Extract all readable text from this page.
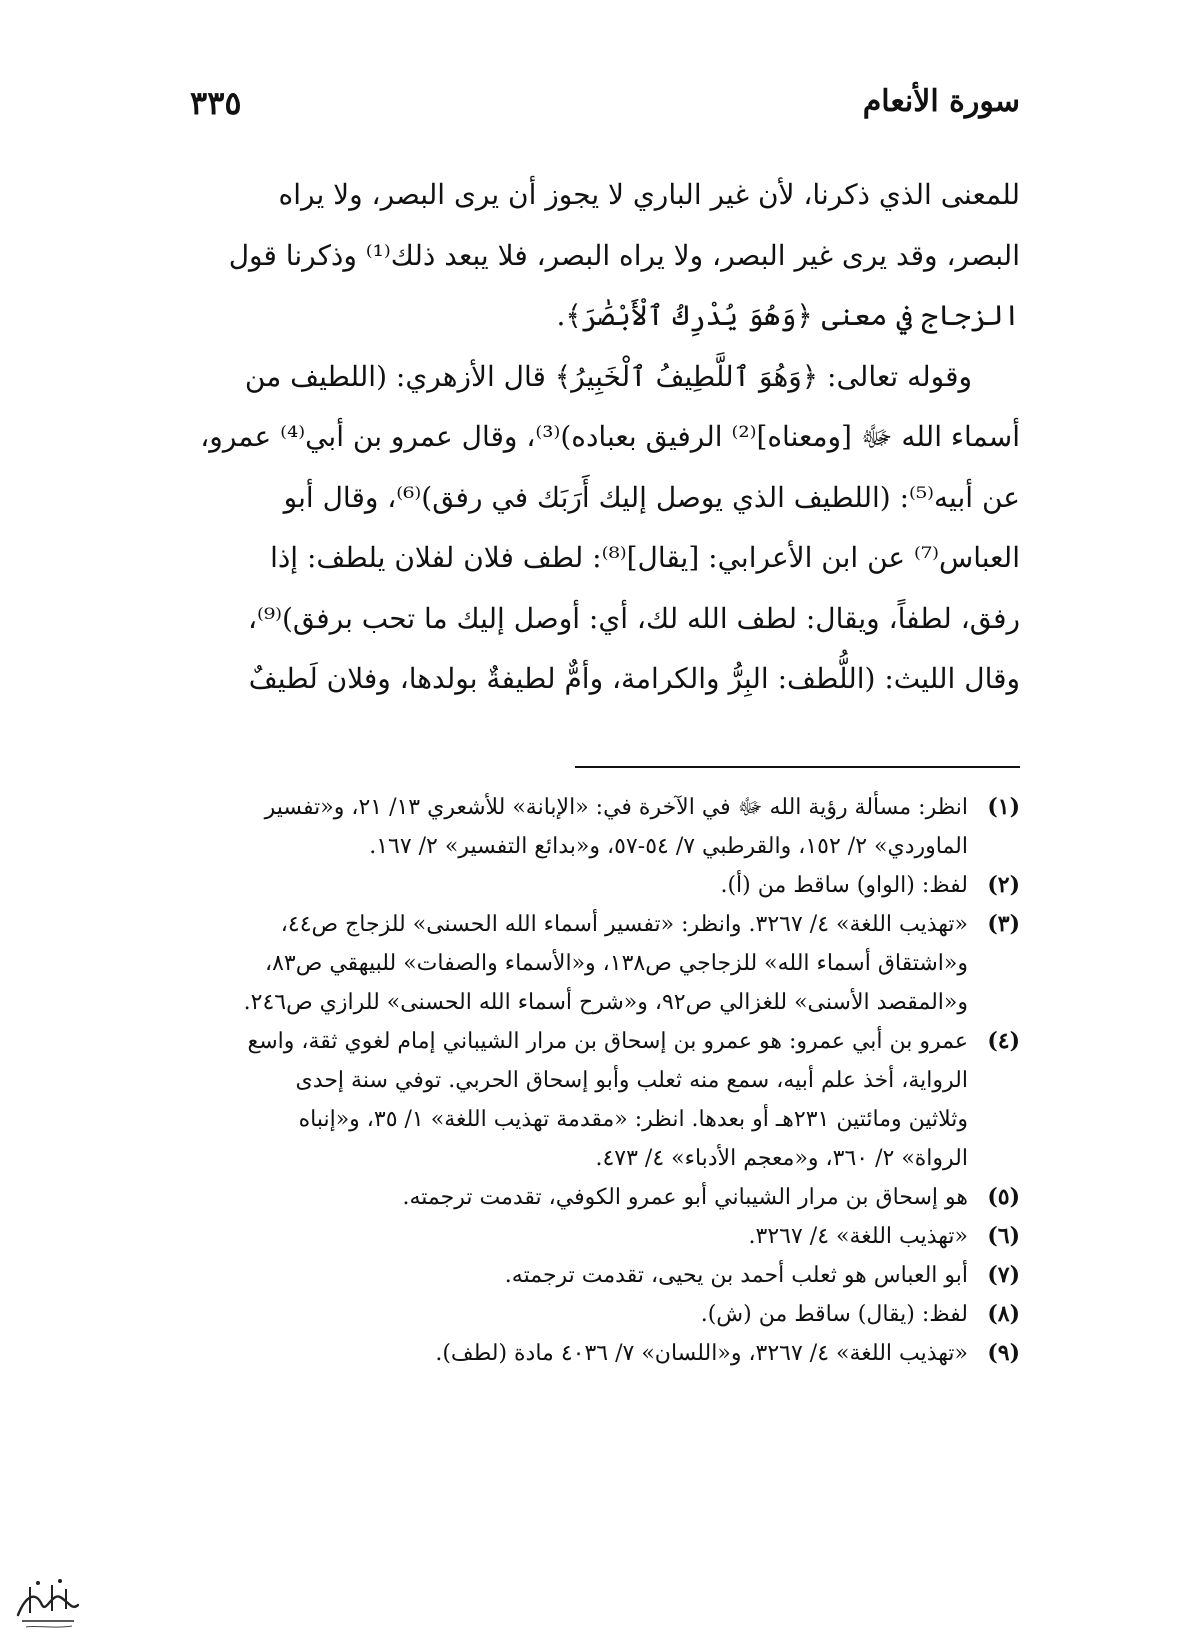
سورة الأنعام
٣٣٥
للمعنى الذي ذكرنا، لأن غير الباري لا يجوز أن يرى البصر، ولا يراه
البصر، وقد يرى غير البصر، ولا يراه البصر، فلا يبعد ذلك⁽¹⁾ وذكرنا قول
الزجاج في معنى ﴿وَهُوَ يُدْرِكُ ٱلْأَبْصَٰرَ﴾.
وقوله تعالى: ﴿وَهُوَ ٱللَّطِيفُ ٱلْخَبِيرُ﴾ قال الأزهري: (اللطيف من
أسماء الله ﷻ [ومعناه]⁽²⁾ الرفيق بعباده)⁽³⁾، وقال عمرو بن أبي⁽⁴⁾ عمرو،
عن أبيه⁽⁵⁾: (اللطيف الذي يوصل إليك أَرَبَك في رفق)⁽⁶⁾، وقال أبو
العباس⁽⁷⁾ عن ابن الأعرابي: [يقال]⁽⁸⁾: لطف فلان لفلان يلطف: إذا
رفق، لطفاً، ويقال: لطف الله لك، أي: أوصل إليك ما تحب برفق)⁽⁹⁾،
وقال الليث: (اللُّطف: البِرُّ والكرامة، وأمٌّ لطيفةٌ بولدها، وفلان لَطيفٌ
(١)
انظر: مسألة رؤية الله ﷻ في الآخرة في: «الإبانة» للأشعري ١٣/ ٢١، و«تفسير
الماوردي» ٢/ ١٥٢، والقرطبي ٧/ ٥٤-٥٧، و«بدائع التفسير» ٢/ ١٦٧.
(٢)
لفظ: (الواو) ساقط من (أ).
(٣)
«تهذيب اللغة» ٤/ ٣٢٦٧. وانظر: «تفسير أسماء الله الحسنى» للزجاج ص٤٤،
و«اشتقاق أسماء الله» للزجاجي ص١٣٨، و«الأسماء والصفات» للبيهقي ص٨٣،
و«المقصد الأسنى» للغزالي ص٩٢، و«شرح أسماء الله الحسنى» للرازي ص٢٤٦.
(٤)
عمرو بن أبي عمرو: هو عمرو بن إسحاق بن مرار الشيباني إمام لغوي ثقة، واسع
الرواية، أخذ علم أبيه، سمع منه ثعلب وأبو إسحاق الحربي. توفي سنة إحدى
وثلاثين ومائتين ٢٣١هـ أو بعدها. انظر: «مقدمة تهذيب اللغة» ١/ ٣٥، و«إنباه
الرواة» ٢/ ٣٦٠، و«معجم الأدباء» ٤/ ٤٧٣.
(٥)
هو إسحاق بن مرار الشيباني أبو عمرو الكوفي، تقدمت ترجمته.
(٦)
«تهذيب اللغة» ٤/ ٣٢٦٧.
(٧)
أبو العباس هو ثعلب أحمد بن يحيى، تقدمت ترجمته.
(٨)
لفظ: (يقال) ساقط من (ش).
(٩)
«تهذيب اللغة» ٤/ ٣٢٦٧، و«اللسان» ٧/ ٤٠٣٦ مادة (لطف).
